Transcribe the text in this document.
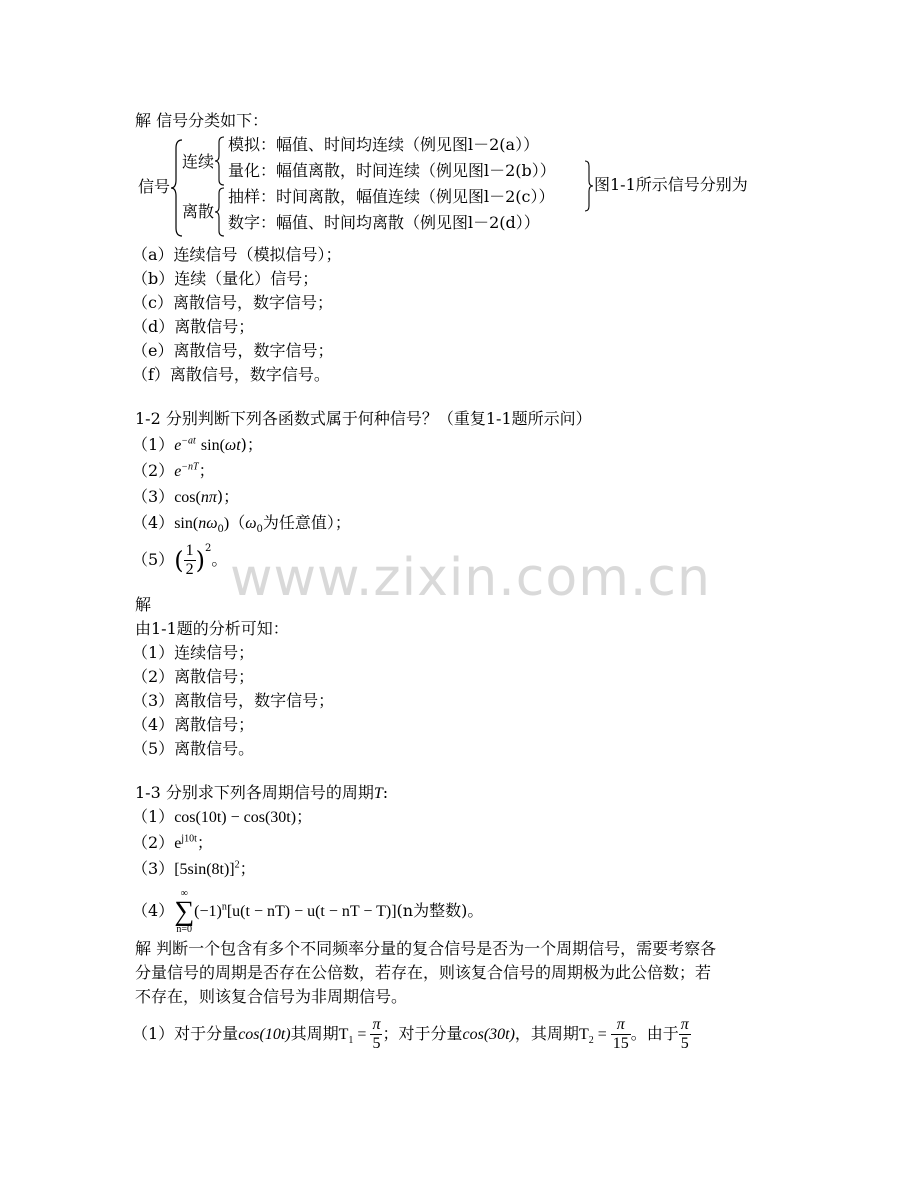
www.zixin.com.cn
解 信号分类如下：
信号
连续
离散
模拟：幅值、时间均连续（例见图l－2(a））
量化：幅值离散，时间连续（例见图l－2(b））
抽样：时间离散，幅值连续（例见图l－2(c））
数字：幅值、时间均离散（例见图l－2(d））
图1-1所示信号分别为
（a）连续信号（模拟信号）；
（b）连续（量化）信号；
（c）离散信号，数字信号；
（d）离散信号；
（e）离散信号，数字信号；
（f）离散信号，数字信号。
1-2 分别判断下列各函数式属于何种信号？（重复1-1题所示问）
$(1)e^{-at}$ sin(ωt)；
$(2)e^{-nT}$；
（3）cos(nπ)；
$(4)\sin(n\omega_0)(\omega_0$为任意值）；
$(5)( \frac{1}{2} )^2$。
解
由1-1题的分析可知：
（1）连续信号；
（2）离散信号；
（3）离散信号，数字信号；
（4）离散信号；
（5）离散信号。
1-3 分别求下列各周期信号的周期T:
（1）cos(10t) − cos(30t)；
$(2)e^{j10t}$；
$(3)[5\sin(8t)]^2$；
（4）
∞
∑
n=0
$(-1)^n[u(t - nT) - u(t$ − nT − T)](n为整数)。
解 判断一个包含有多个不同频率分量的复合信号是否为一个周期信号，需要考察各
分量信号的周期是否存在公倍数，若存在，则该复合信号的周期极为此公倍数；若
不存在，则该复合信号为非周期信号。
（1）对于分量cos(10t)其周期$T_1 = \frac{\pi}{5}$ ；对于分量cos(30t)，其周期$T_2 = \frac{\pi}{15}$ 。由于 $\frac{\pi}{5}$
